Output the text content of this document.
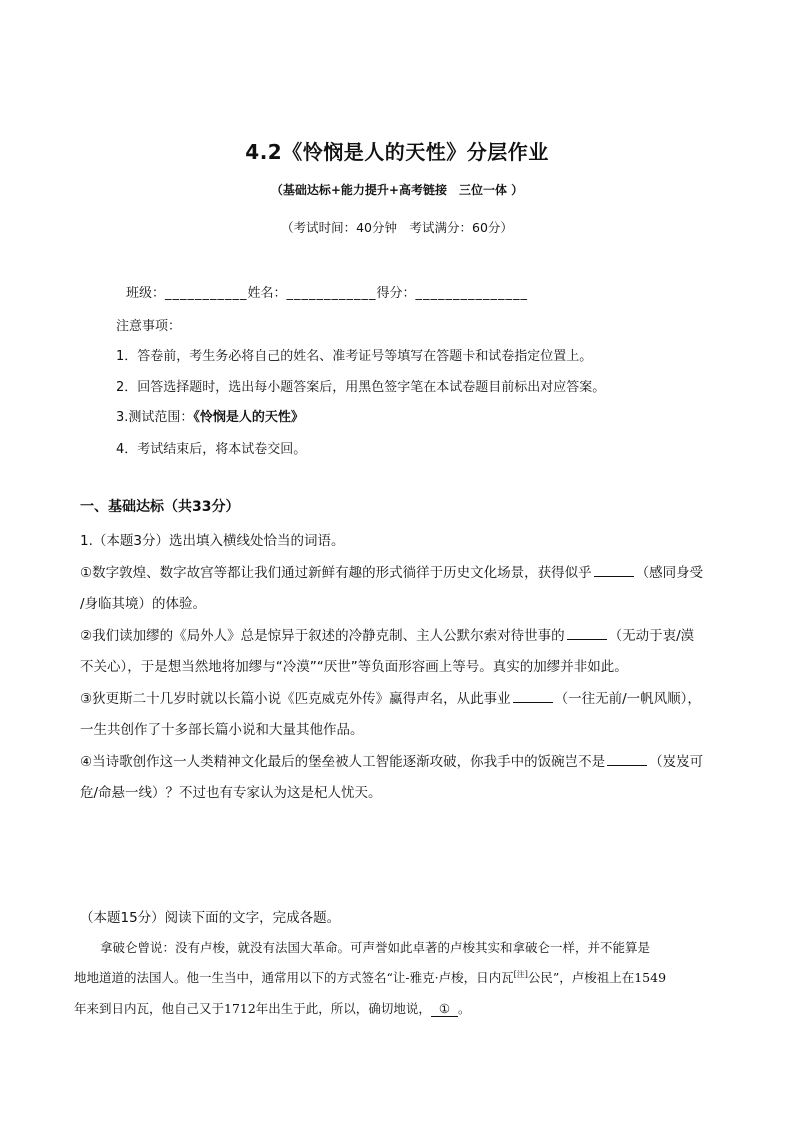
4.2《怜悯是人的天性》分层作业
（基础达标+能力提升+高考链接　三位一体 ）
（考试时间：40分钟　考试满分：60分）
班级：___________姓名：____________得分：_______________
注意事项：
1．答卷前，考生务必将自己的姓名、准考证号等填写在答题卡和试卷指定位置上。
2．回答选择题时，选出每小题答案后，用黑色签字笔在本试卷题目前标出对应答案。
3.测试范围：《怜悯是人的天性》
4．考试结束后，将本试卷交回。
一、基础达标（共33分）
1.（本题3分）选出填入横线处恰当的词语。
①数字敦煌、数字故宫等都让我们通过新鲜有趣的形式徜徉于历史文化场景，获得似乎	（感同身受
/身临其境）的体验。
②我们读加缪的《局外人》总是惊异于叙述的冷静克制、主人公默尔索对待世事的	（无动于衷/漠
不关心），于是想当然地将加缪与“冷漠”“厌世”等负面形容画上等号。真实的加缪并非如此。
③狄更斯二十几岁时就以长篇小说《匹克威克外传》赢得声名，从此事业	（一往无前/一帆风顺），
一生共创作了十多部长篇小说和大量其他作品。
④当诗歌创作这一人类精神文化最后的堡垒被人工智能逐渐攻破，你我手中的饭碗岂不是	（岌岌可
危/命悬一线）？不过也有专家认为这是杞人忧天。
（本题15分）阅读下面的文字，完成各题。
拿破仑曾说：没有卢梭，就没有法国大革命。可声誉如此卓著的卢梭其实和拿破仑一样，并不能算是
地地道道的法国人。他一生当中，通常用以下的方式签名“让-雅克·卢梭，日内瓦[注]公民”，卢梭祖上在1549
年来到日内瓦，他自己又于1712年出生于此，所以，确切地说， ① 。
